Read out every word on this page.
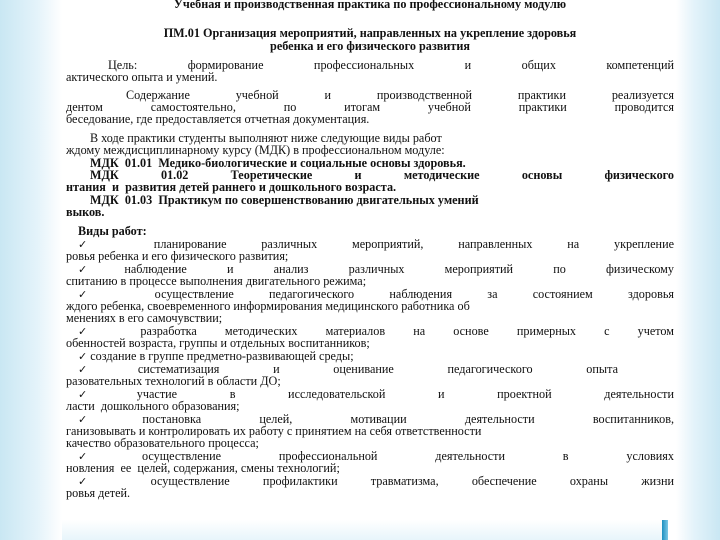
Учебная и производственная практика по профессиональному модулю
ПМ.01 Организация мероприятий, направленных на укрепление здоровья
ребенка и его физического развития
Цель:   формирование   профессиональных   и   общих   компетенций
актического опыта и умений.
Содержание  учебной  и  производственной  практики  реализуется
дентом  самостоятельно,  по  итогам  учебной  практики  проводится
беседование, где предоставляется отчетная документация.
В ходе практики студенты выполняют ниже следующие виды работ
ждому междисциплинарному курсу (МДК) в профессиональном модуле:
МДК  01.01  Медико-биологические и социальные основы здоровья.
МДК  01.02  Теоретические  и  методические  основы  физического
нтания  и  развития детей раннего и дошкольного возраста.
МДК  01.03  Практикум по совершенствованию двигательных умений
выков.
Виды работ:
✓	планирование различных мероприятий, направленных на укрепление
ровья ребенка и его физического развития;
✓ наблюдение  и  анализ  различных  мероприятий  по  физическому
спитанию в процессе выполнения двигательного режима;
✓	осуществление педагогического наблюдения за состоянием здоровья
ждого ребенка, своевременного информирования медицинского работника об
менениях в его самочувствии;
✓ разработка методических материалов на основе примерных с учетом
обенностей возраста, группы и отдельных воспитанников;
✓ создание в группе предметно-развивающей среды;
✓ систематизация  и  оценивание  педагогического  опыта
разовательных технологий в области ДО;
✓ участие  в  исследовательской  и  проектной  деятельности
ласти  дошкольного образования;
✓ постановка  целей,  мотивации  деятельности  воспитанников,
ганизовывать и контролировать их работу с принятием на себя ответственности
качество образовательного процесса;
✓ осуществление  профессиональной  деятельности  в  условиях
новления  ее  целей, содержания, смены технологий;
✓	осуществление профилактики травматизма, обеспечение охраны жизни
ровья детей.
